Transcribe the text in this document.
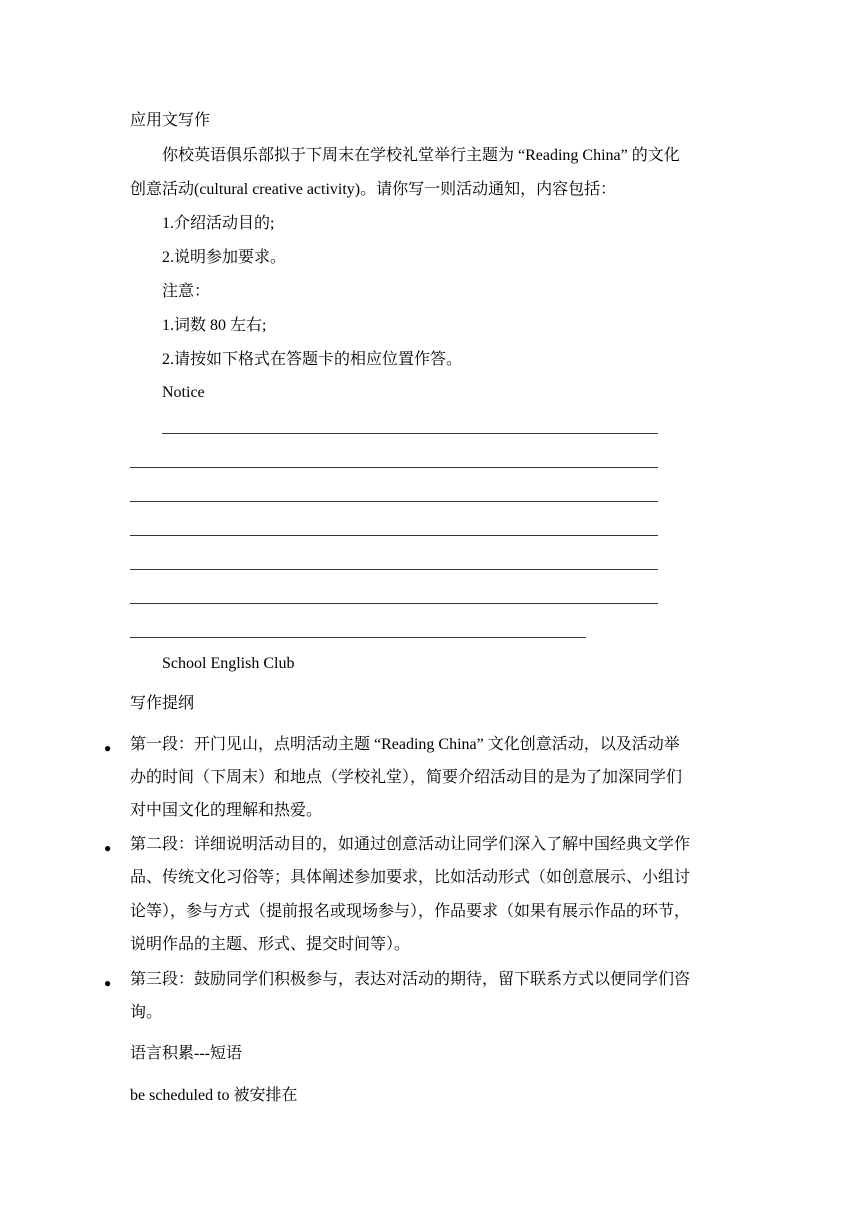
应用文写作
你校英语俱乐部拟于下周末在学校礼堂举行主题为 “Reading China” 的文化
创意活动(cultural creative activity)。请你写一则活动通知，内容包括：
1.介绍活动目的;
2.说明参加要求。
注意：
1.词数 80 左右;
2.请按如下格式在答题卡的相应位置作答。
Notice
______________________________________________________________
__________________________________________________________________
__________________________________________________________________
__________________________________________________________________
__________________________________________________________________
__________________________________________________________________
_________________________________________________________
School English Club
写作提纲
● 第一段：开门见山，点明活动主题 “Reading China” 文化创意活动，以及活动举
办的时间（下周末）和地点（学校礼堂），简要介绍活动目的是为了加深同学们
对中国文化的理解和热爱。
● 第二段：详细说明活动目的，如通过创意活动让同学们深入了解中国经典文学作
品、传统文化习俗等；具体阐述参加要求，比如活动形式（如创意展示、小组讨
论等），参与方式（提前报名或现场参与），作品要求（如果有展示作品的环节，
说明作品的主题、形式、提交时间等）。
● 第三段：鼓励同学们积极参与，表达对活动的期待，留下联系方式以便同学们咨
询。
语言积累---短语
be scheduled to 被安排在
